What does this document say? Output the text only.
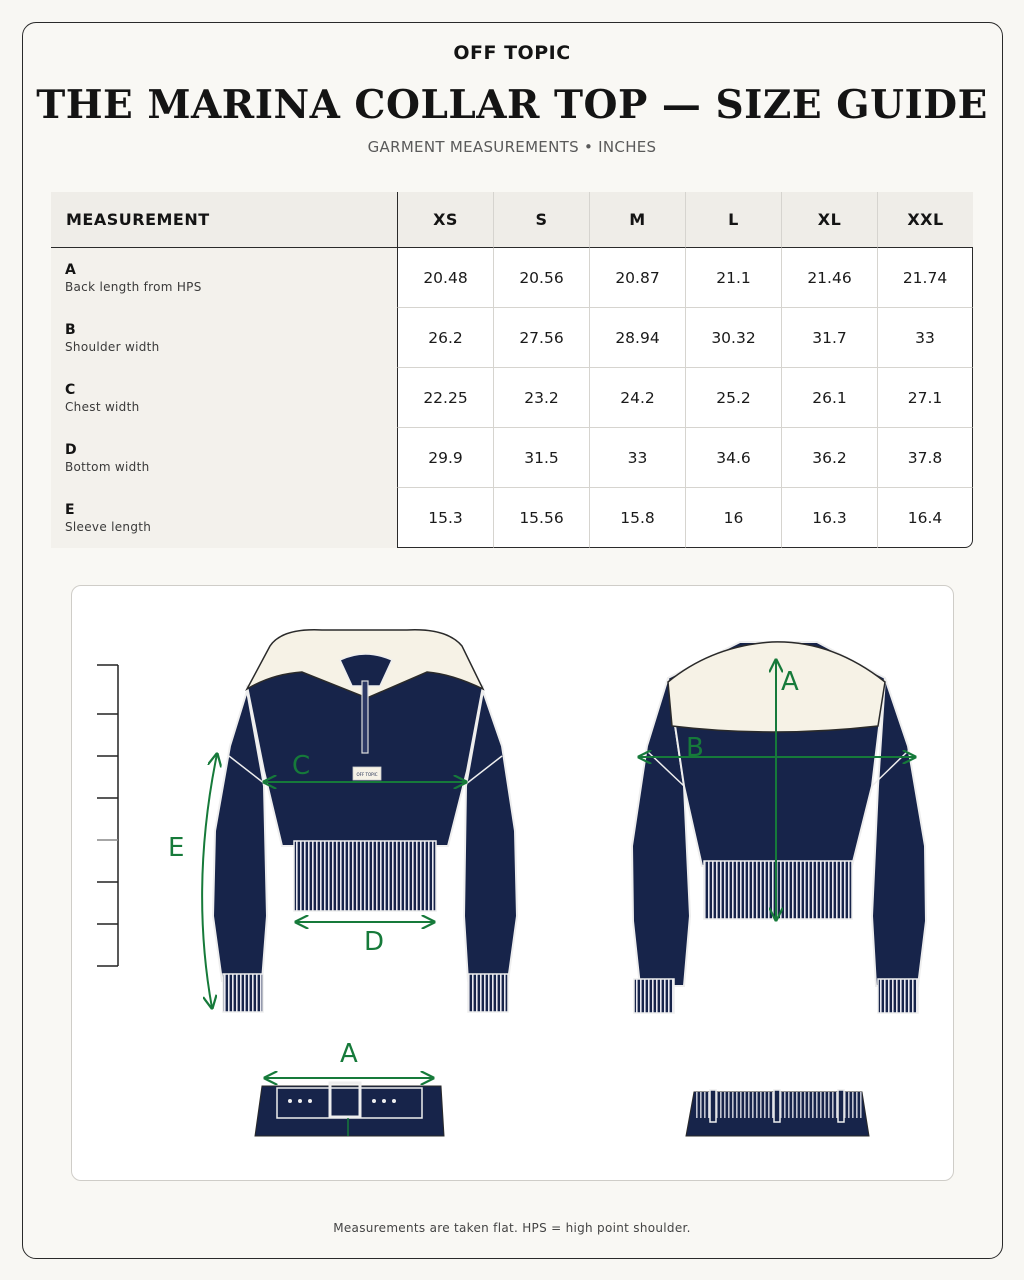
OFF TOPIC
THE MARINA COLLAR TOP — SIZE GUIDE
GARMENT MEASUREMENTS • INCHES
MEASUREMENT	XS	S	M	L	XL	XXL

A
Back length from HPS	20.48	20.56	20.87	21.1	21.46	21.74

B
Shoulder width	26.2	27.56	28.94	30.32	31.7	33

C
Chest width	22.25	23.2	24.2	25.2	26.1	27.1

D
Bottom width	29.9	31.5	33	34.6	36.2	37.8

E
Sleeve length	15.3	15.56	15.8	16	16.3	16.4
OFF TOPIC
C
D
E
A
B
A
Measurements are taken flat. HPS = high point shoulder.
